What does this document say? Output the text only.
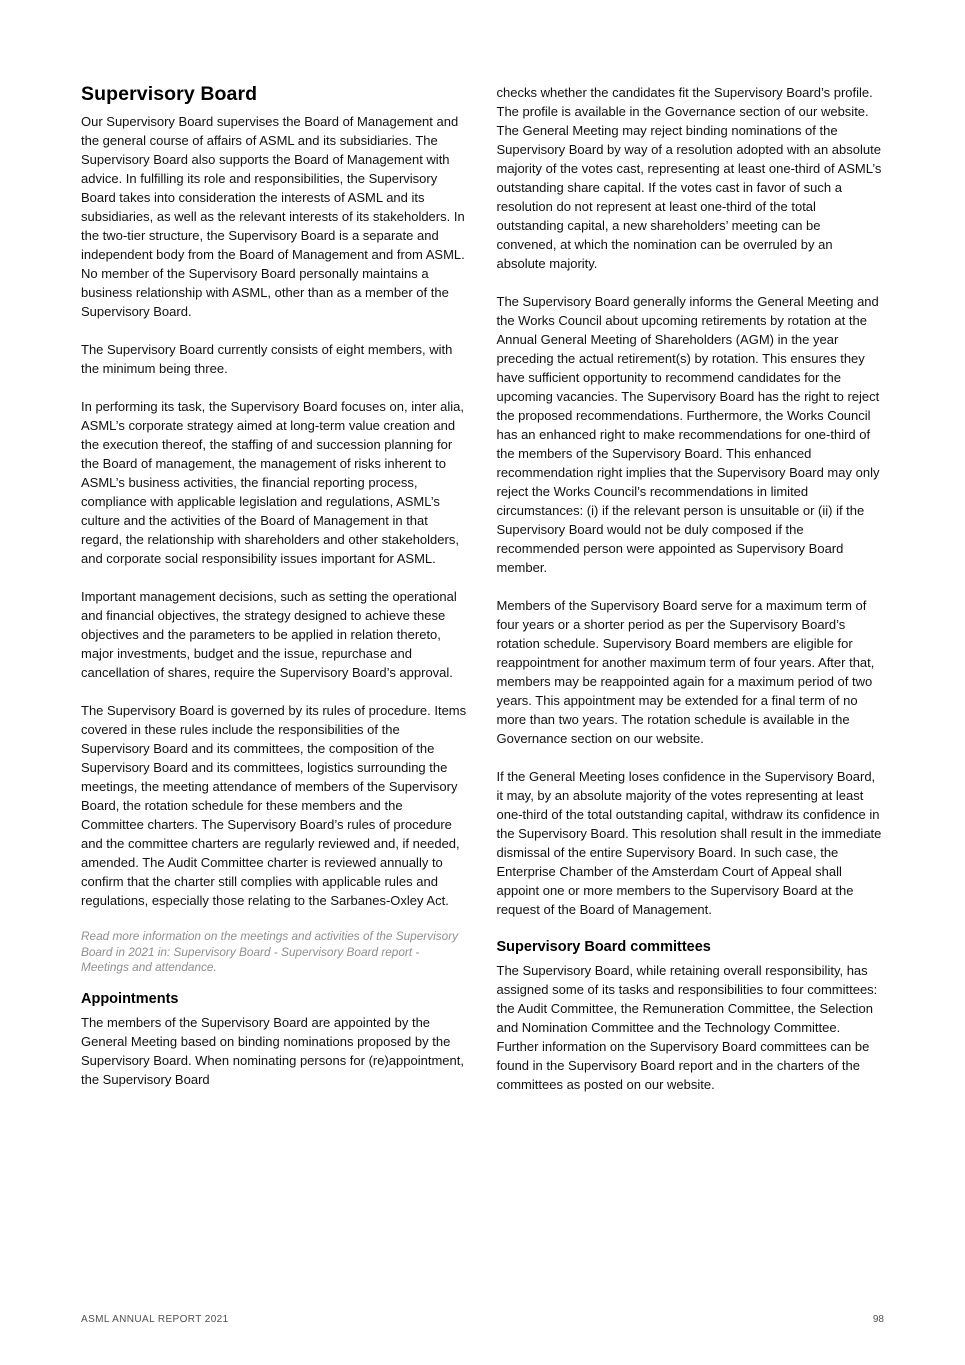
Supervisory Board

Our Supervisory Board supervises the Board of Management and the general course of affairs of ASML and its subsidiaries. The Supervisory Board also supports the Board of Management with advice. In fulfilling its role and responsibilities, the Supervisory Board takes into consideration the interests of ASML and its subsidiaries, as well as the relevant interests of its stakeholders. In the two-tier structure, the Supervisory Board is a separate and independent body from the Board of Management and from ASML. No member of the Supervisory Board personally maintains a business relationship with ASML, other than as a member of the Supervisory Board.

The Supervisory Board currently consists of eight members, with the minimum being three.

In performing its task, the Supervisory Board focuses on, inter alia, ASML’s corporate strategy aimed at long-term value creation and the execution thereof, the staffing of and succession planning for the Board of management, the management of risks inherent to ASML’s business activities, the financial reporting process, compliance with applicable legislation and regulations, ASML’s culture and the activities of the Board of Management in that regard, the relationship with shareholders and other stakeholders, and corporate social responsibility issues important for ASML.

Important management decisions, such as setting the operational and financial objectives, the strategy designed to achieve these objectives and the parameters to be applied in relation thereto, major investments, budget and the issue, repurchase and cancellation of shares, require the Supervisory Board’s approval.

The Supervisory Board is governed by its rules of procedure. Items covered in these rules include the responsibilities of the Supervisory Board and its committees, the composition of the Supervisory Board and its committees, logistics surrounding the meetings, the meeting attendance of members of the Supervisory Board, the rotation schedule for these members and the Committee charters. The Supervisory Board’s rules of procedure and the committee charters are regularly reviewed and, if needed, amended. The Audit Committee charter is reviewed annually to confirm that the charter still complies with applicable rules and regulations, especially those relating to the Sarbanes-Oxley Act.

Read more information on the meetings and activities of the Supervisory Board in 2021 in: Supervisory Board - Supervisory Board report - Meetings and attendance.

Appointments

The members of the Supervisory Board are appointed by the General Meeting based on binding nominations proposed by the Supervisory Board. When nominating persons for (re)appointment, the Supervisory Board

checks whether the candidates fit the Supervisory Board’s profile. The profile is available in the Governance section of our website. The General Meeting may reject binding nominations of the Supervisory Board by way of a resolution adopted with an absolute majority of the votes cast, representing at least one-third of ASML’s outstanding share capital. If the votes cast in favor of such a resolution do not represent at least one-third of the total outstanding capital, a new shareholders’ meeting can be convened, at which the nomination can be overruled by an absolute majority.

The Supervisory Board generally informs the General Meeting and the Works Council about upcoming retirements by rotation at the Annual General Meeting of Shareholders (AGM) in the year preceding the actual retirement(s) by rotation. This ensures they have sufficient opportunity to recommend candidates for the upcoming vacancies. The Supervisory Board has the right to reject the proposed recommendations. Furthermore, the Works Council has an enhanced right to make recommendations for one-third of the members of the Supervisory Board. This enhanced recommendation right implies that the Supervisory Board may only reject the Works Council’s recommendations in limited circumstances: (i) if the relevant person is unsuitable or (ii) if the Supervisory Board would not be duly composed if the recommended person were appointed as Supervisory Board member.

Members of the Supervisory Board serve for a maximum term of four years or a shorter period as per the Supervisory Board’s rotation schedule. Supervisory Board members are eligible for reappointment for another maximum term of four years. After that, members may be reappointed again for a maximum period of two years. This appointment may be extended for a final term of no more than two years. The rotation schedule is available in the Governance section on our website.

If the General Meeting loses confidence in the Supervisory Board, it may, by an absolute majority of the votes representing at least one-third of the total outstanding capital, withdraw its confidence in the Supervisory Board. This resolution shall result in the immediate dismissal of the entire Supervisory Board. In such case, the Enterprise Chamber of the Amsterdam Court of Appeal shall appoint one or more members to the Supervisory Board at the request of the Board of Management.

Supervisory Board committees

The Supervisory Board, while retaining overall responsibility, has assigned some of its tasks and responsibilities to four committees: the Audit Committee, the Remuneration Committee, the Selection and Nomination Committee and the Technology Committee. Further information on the Supervisory Board committees can be found in the Supervisory Board report and in the charters of the committees as posted on our website.

ASML ANNUAL REPORT 2021	98
